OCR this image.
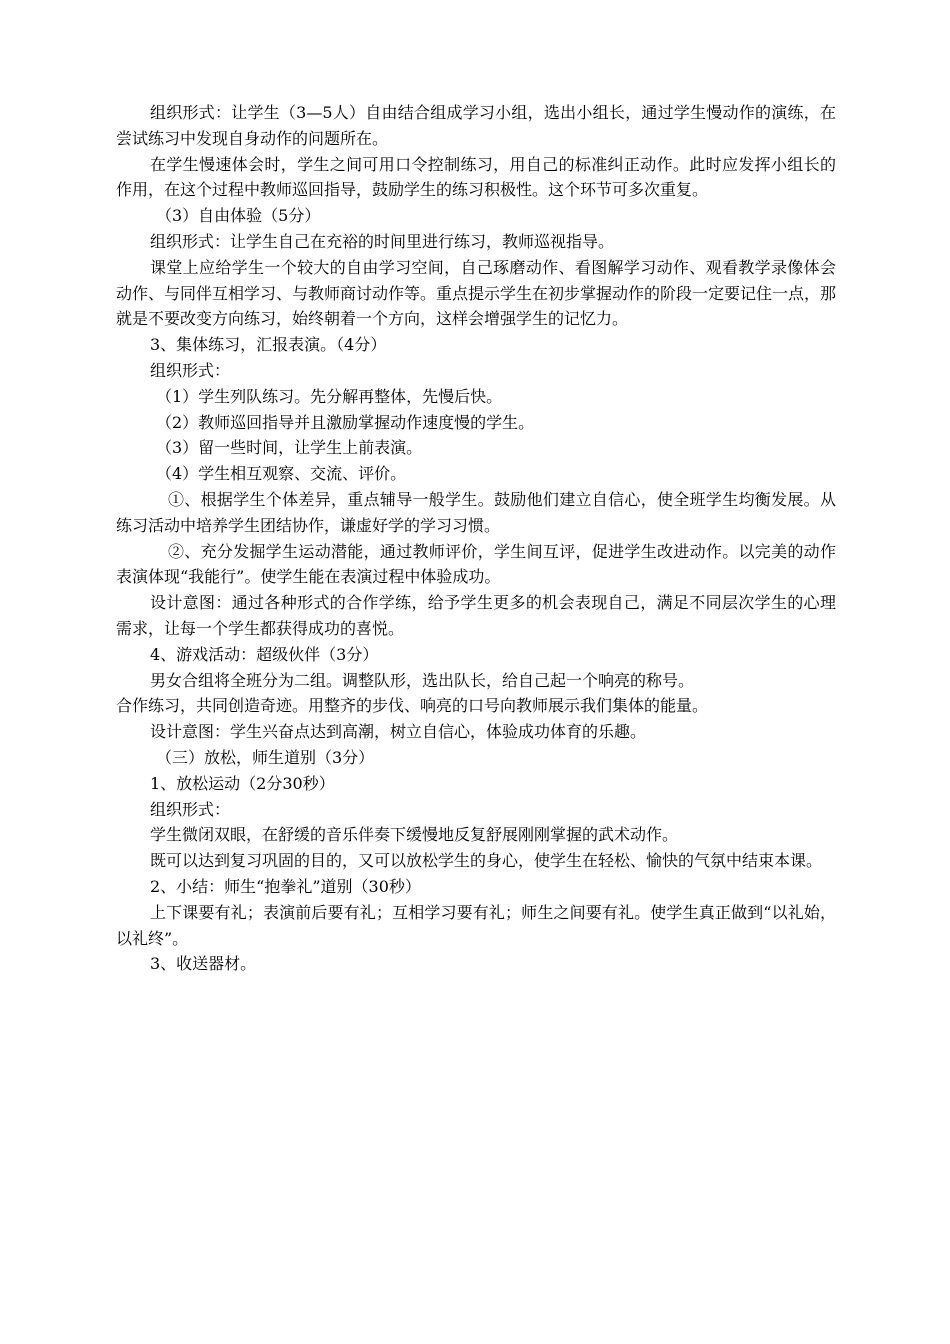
组织形式：让学生（3—5人）自由结合组成学习小组，选出小组长，通过学生慢动作的演练，在尝试练习中发现自身动作的问题所在。

在学生慢速体会时，学生之间可用口令控制练习，用自己的标准纠正动作。此时应发挥小组长的作用，在这个过程中教师巡回指导，鼓励学生的练习积极性。这个环节可多次重复。

（3）自由体验（5分）

组织形式：让学生自己在充裕的时间里进行练习，教师巡视指导。

课堂上应给学生一个较大的自由学习空间，自己琢磨动作、看图解学习动作、观看教学录像体会动作、与同伴互相学习、与教师商讨动作等。重点提示学生在初步掌握动作的阶段一定要记住一点，那就是不要改变方向练习，始终朝着一个方向，这样会增强学生的记忆力。

3、集体练习，汇报表演。（4分）

组织形式：

（1）学生列队练习。先分解再整体，先慢后快。

（2）教师巡回指导并且激励掌握动作速度慢的学生。

（3）留一些时间，让学生上前表演。

（4）学生相互观察、交流、评价。

①、根据学生个体差异，重点辅导一般学生。鼓励他们建立自信心，使全班学生均衡发展。从练习活动中培养学生团结协作，谦虚好学的学习习惯。

②、充分发掘学生运动潜能，通过教师评价，学生间互评，促进学生改进动作。以完美的动作表演体现“我能行”。使学生能在表演过程中体验成功。

设计意图：通过各种形式的合作学练，给予学生更多的机会表现自己，满足不同层次学生的心理需求，让每一个学生都获得成功的喜悦。

4、游戏活动：超级伙伴（3分）

男女合组将全班分为二组。调整队形，选出队长，给自己起一个响亮的称号。

合作练习，共同创造奇迹。用整齐的步伐、响亮的口号向教师展示我们集体的能量。

设计意图：学生兴奋点达到高潮，树立自信心，体验成功体育的乐趣。

（三）放松，师生道别（3分）

1、放松运动（2分30秒）

组织形式：

学生微闭双眼，在舒缓的音乐伴奏下缓慢地反复舒展刚刚掌握的武术动作。

既可以达到复习巩固的目的，又可以放松学生的身心，使学生在轻松、愉快的气氛中结束本课。

2、小结：师生“抱拳礼”道别（30秒）

上下课要有礼；表演前后要有礼；互相学习要有礼；师生之间要有礼。使学生真正做到“以礼始，以礼终”。

3、收送器材。
